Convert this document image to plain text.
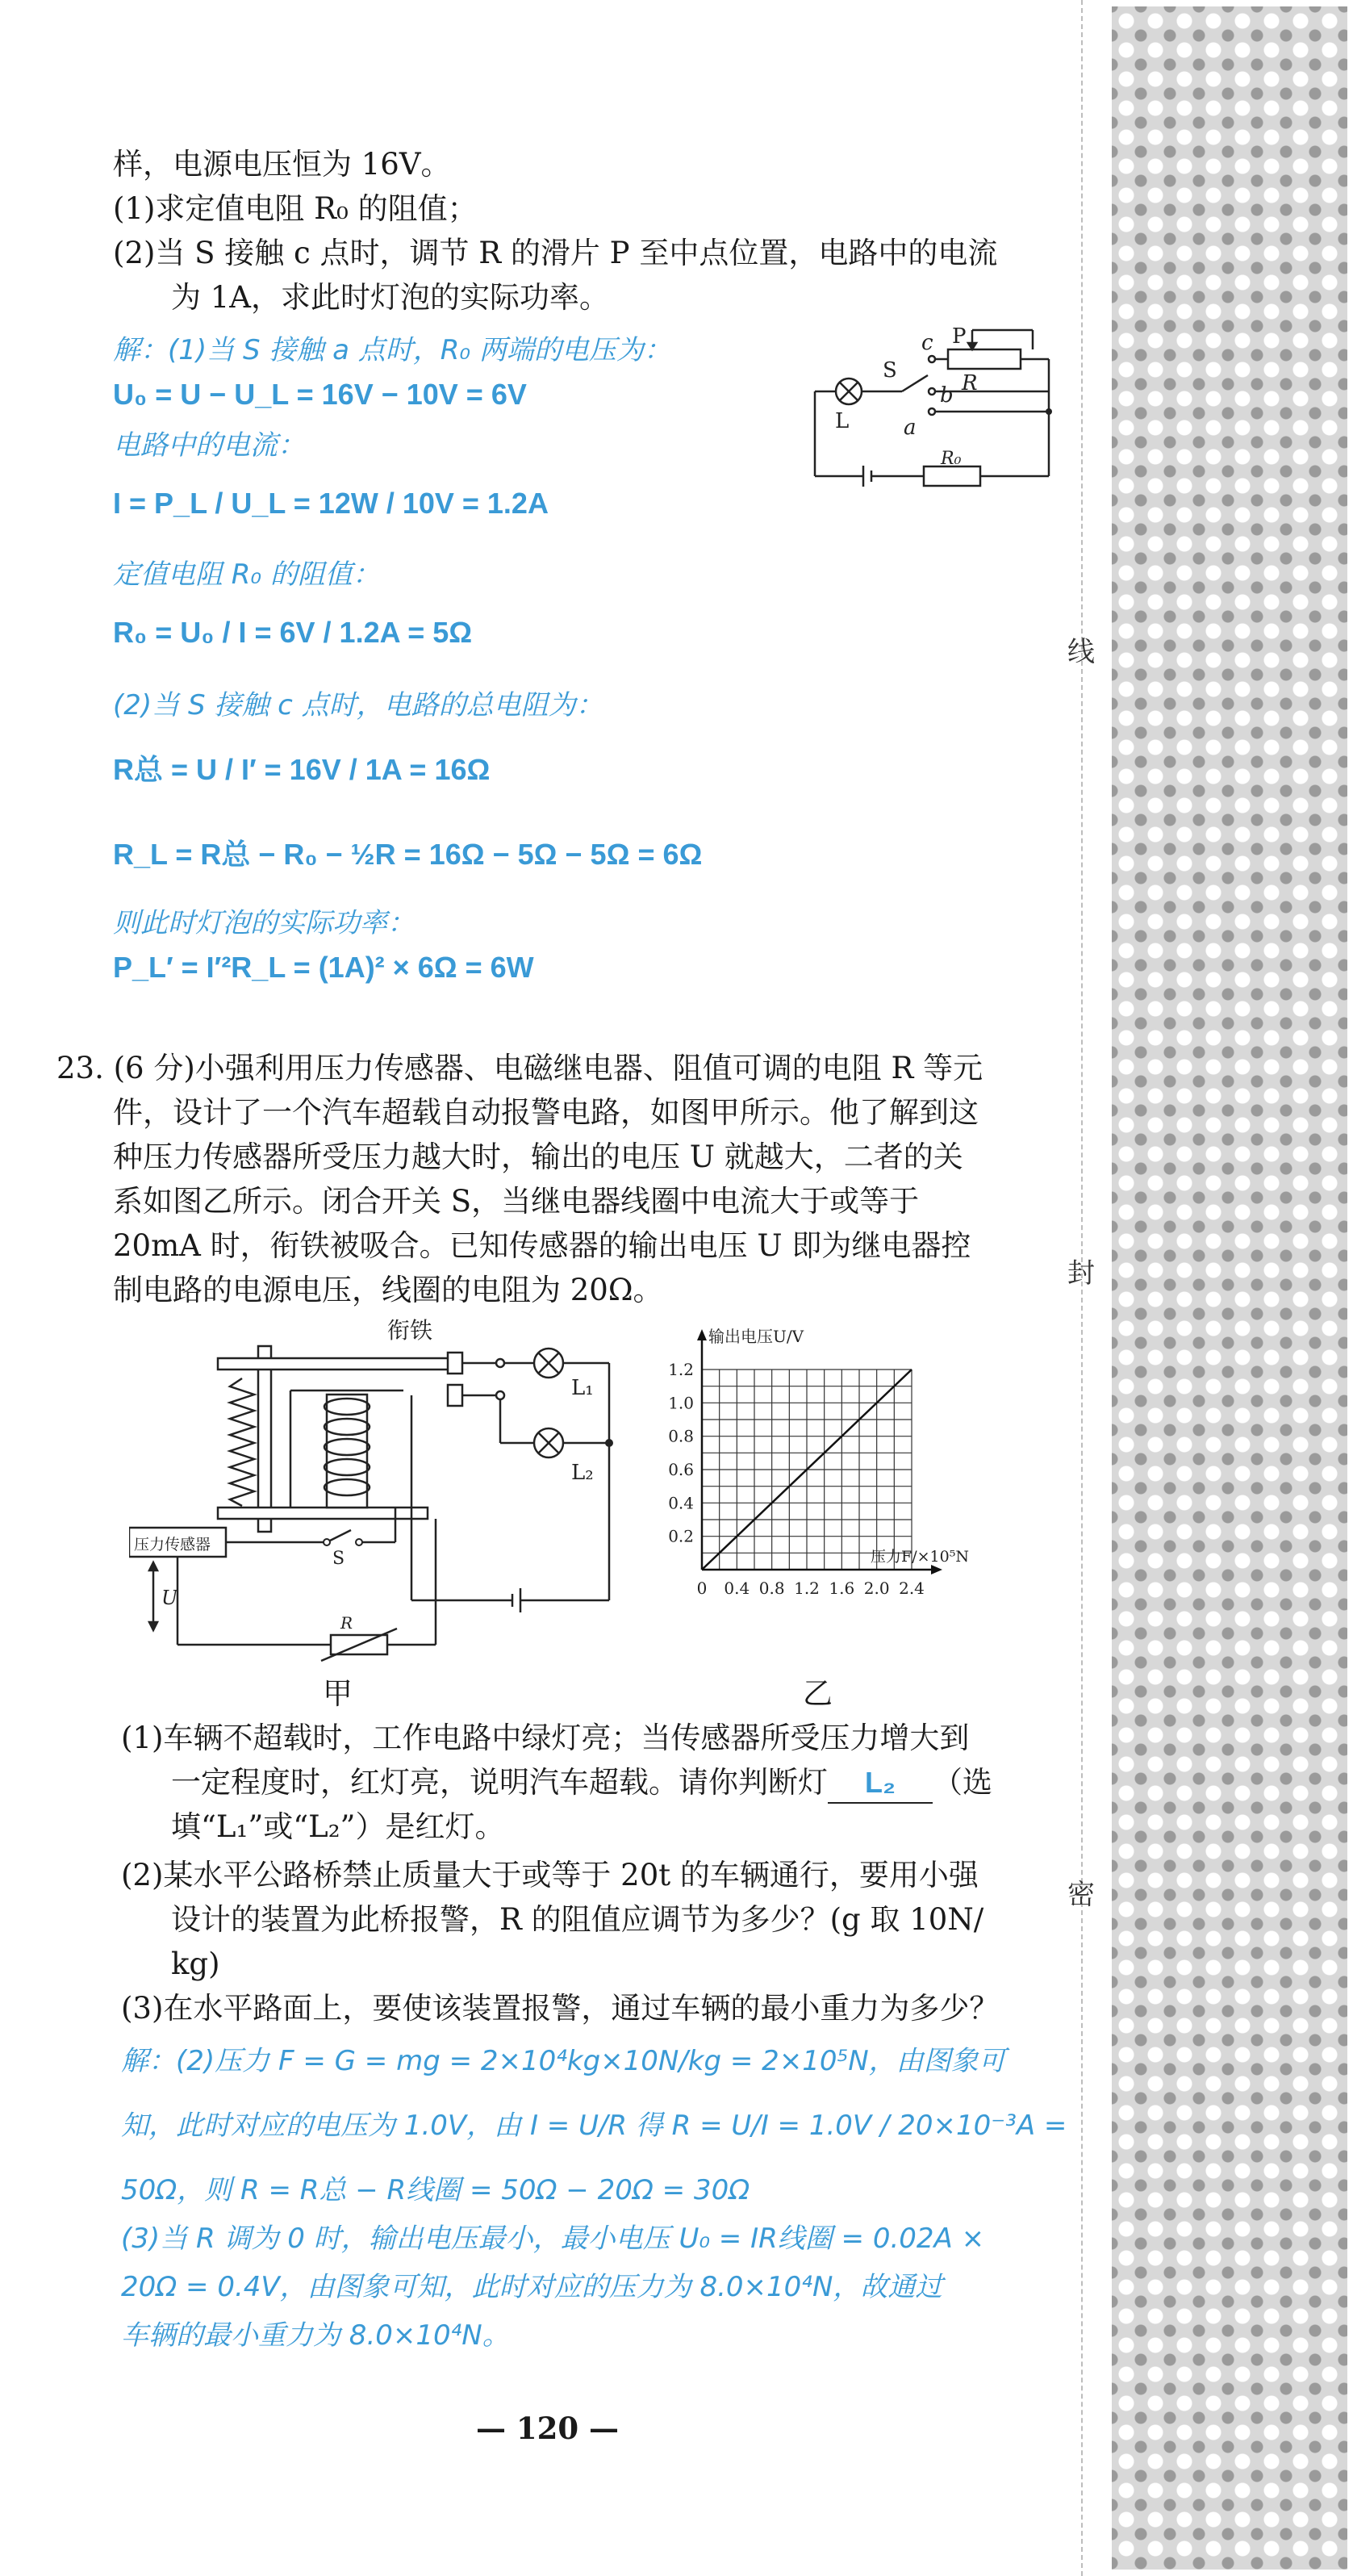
线
封
密
样，电源电压恒为 16V。
(1)求定值电阻 R₀ 的阻值；
(2)当 S 接触 c 点时，调节 R 的滑片 P 至中点位置，电路中的电流
为 1A，求此时灯泡的实际功率。
解：(1)当 S 接触 a 点时，R₀ 两端的电压为：
U₀ = U − U_L = 16V − 10V = 6V
电路中的电流：
I = P_L / U_L = 12W / 10V = 1.2A
定值电阻 R₀ 的阻值：
R₀ = U₀ / I = 6V / 1.2A = 5Ω
(2)当 S 接触 c 点时，电路的总电阻为：
R总 = U / I′ = 16V / 1A = 16Ω
R_L = R总 − R₀ − ½R = 16Ω − 5Ω − 5Ω = 6Ω
则此时灯泡的实际功率：
P_L′ = I′²R_L = (1A)² × 6Ω = 6W
c
b
a
S
P
R
L
R₀
23. (6 分)小强利用压力传感器、电磁继电器、阻值可调的电阻 R 等元
件，设计了一个汽车超载自动报警电路，如图甲所示。他了解到这
种压力传感器所受压力越大时，输出的电压 U 就越大，二者的关
系如图乙所示。闭合开关 S，当继电器线圈中电流大于或等于
20mA 时，衔铁被吸合。已知传感器的输出电压 U 即为继电器控
制电路的电源电压，线圈的电阻为 20Ω。
衔铁
L₁
L₂
S
U
R
压力传感器
甲
0 0.4 0.8 1.2 1.6 2.0 2.4
0.2
0.4
0.6
0.8
1.0
1.2
输出电压U/V
压力F/×10⁵N
乙
(1)车辆不超载时，工作电路中绿灯亮；当传感器所受压力增大到
一定程度时，红灯亮，说明汽车超载。请你判断灯 L₂ （选
填“L₁”或“L₂”）是红灯。
(2)某水平公路桥禁止质量大于或等于 20t 的车辆通行，要用小强
设计的装置为此桥报警，R 的阻值应调节为多少？(g 取 10N/
kg)
(3)在水平路面上，要使该装置报警，通过车辆的最小重力为多少？
解：(2)压力 F = G = mg = 2×10⁴kg×10N/kg = 2×10⁵N，由图象可
知，此时对应的电压为 1.0V，由 I = U/R 得 R = U/I = 1.0V / 20×10⁻³A =
50Ω，则 R = R总 − R线圈 = 50Ω − 20Ω = 30Ω
(3)当 R 调为 0 时，输出电压最小，最小电压 U₀ = IR线圈 = 0.02A ×
20Ω = 0.4V，由图象可知，此时对应的压力为 8.0×10⁴N，故通过
车辆的最小重力为 8.0×10⁴N。
— 120 —
